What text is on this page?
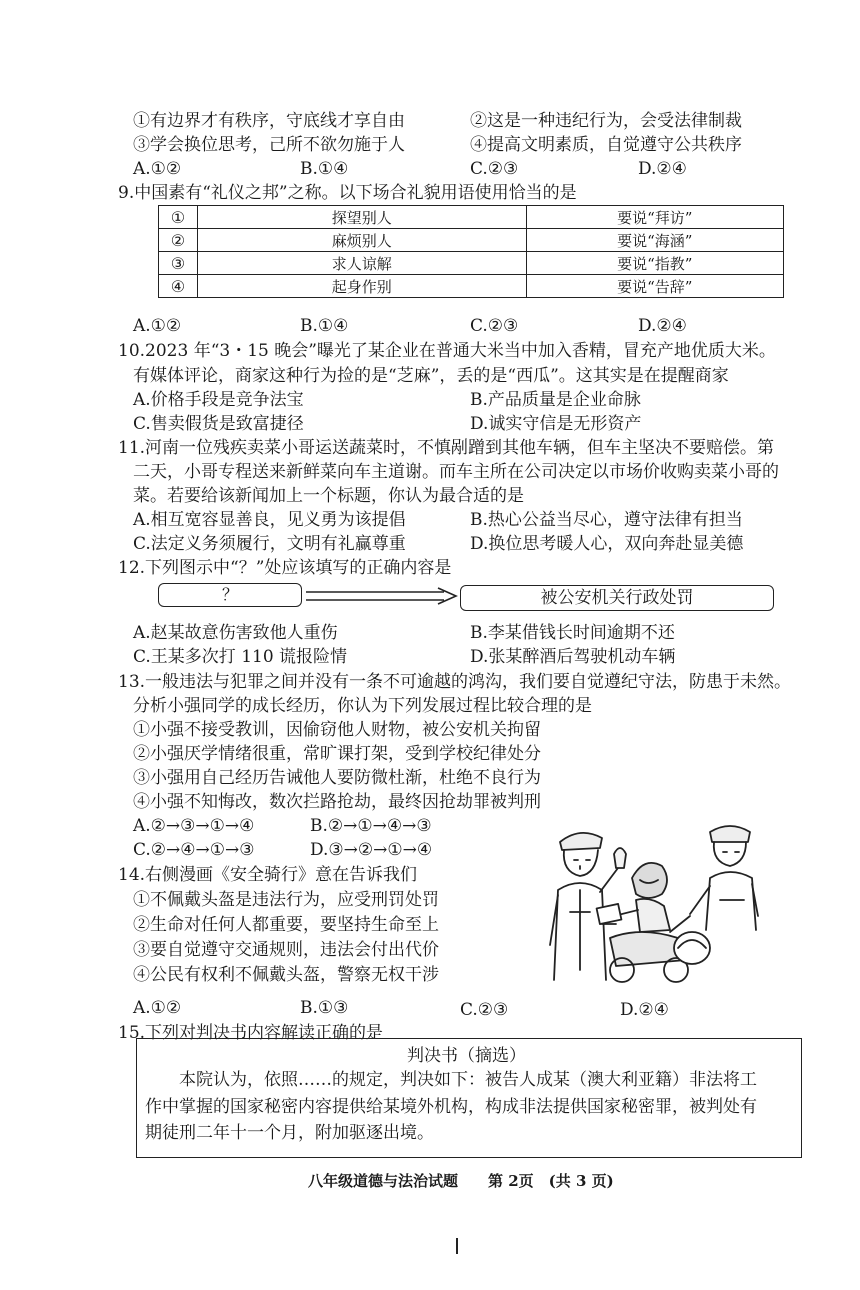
①有边界才有秩序，守底线才享自由	②这是一种违纪行为，会受法律制裁
③学会换位思考，己所不欲勿施于人	④提高文明素质，自觉遵守公共秩序
A.①②	B.①④	C.②③	D.②④
9.中国素有“礼仪之邦”之称。以下场合礼貌用语使用恰当的是
①	探望别人	要说“拜访”
②	麻烦别人	要说“海涵”
③	求人谅解	要说“指教”
④	起身作别	要说“告辞”
A.①②	B.①④	C.②③	D.②④
10.2023 年“3・15 晚会”曝光了某企业在普通大米当中加入香精，冒充产地优质大米。
有媒体评论，商家这种行为捡的是“芝麻”，丢的是“西瓜”。这其实是在提醒商家
A.价格手段是竞争法宝	B.产品质量是企业命脉
C.售卖假货是致富捷径	D.诚实守信是无形资产
11.河南一位残疾卖菜小哥运送蔬菜时，不慎剐蹭到其他车辆，但车主坚决不要赔偿。第
二天，小哥专程送来新鲜菜向车主道谢。而车主所在公司决定以市场价收购卖菜小哥的
菜。若要给该新闻加上一个标题，你认为最合适的是
A.相互宽容显善良，见义勇为该提倡	B.热心公益当尽心，遵守法律有担当
C.法定义务须履行，文明有礼赢尊重	D.换位思考暖人心，双向奔赴显美德
12.下列图示中“？”处应该填写的正确内容是
？	被公安机关行政处罚
A.赵某故意伤害致他人重伤	B.李某借钱长时间逾期不还
C.王某多次打 110 谎报险情	D.张某醉酒后驾驶机动车辆
13.一般违法与犯罪之间并没有一条不可逾越的鸿沟，我们要自觉遵纪守法，防患于未然。
分析小强同学的成长经历，你认为下列发展过程比较合理的是
①小强不接受教训，因偷窃他人财物，被公安机关拘留
②小强厌学情绪很重，常旷课打架，受到学校纪律处分
③小强用自己经历告诫他人要防微杜渐，杜绝不良行为
④小强不知悔改，数次拦路抢劫，最终因抢劫罪被判刑
A.②→③→①→④	B.②→①→④→③
C.②→④→①→③	D.③→②→①→④
14.右侧漫画《安全骑行》意在告诉我们
①不佩戴头盔是违法行为，应受刑罚处罚
②生命对任何人都重要，要坚持生命至上
③要自觉遵守交通规则，违法会付出代价
④公民有权利不佩戴头盔，警察无权干涉
A.①②	B.①③	C.②③	D.②④
15.下列对判决书内容解读正确的是
判决书（摘选）
本院认为，依照……的规定，判决如下：被告人成某（澳大利亚籍）非法将工
作中掌握的国家秘密内容提供给某境外机构，构成非法提供国家秘密罪，被判处有
期徒刑二年十一个月，附加驱逐出境。
八年级道德与法治试题　　第 2页　(共 3 页)
